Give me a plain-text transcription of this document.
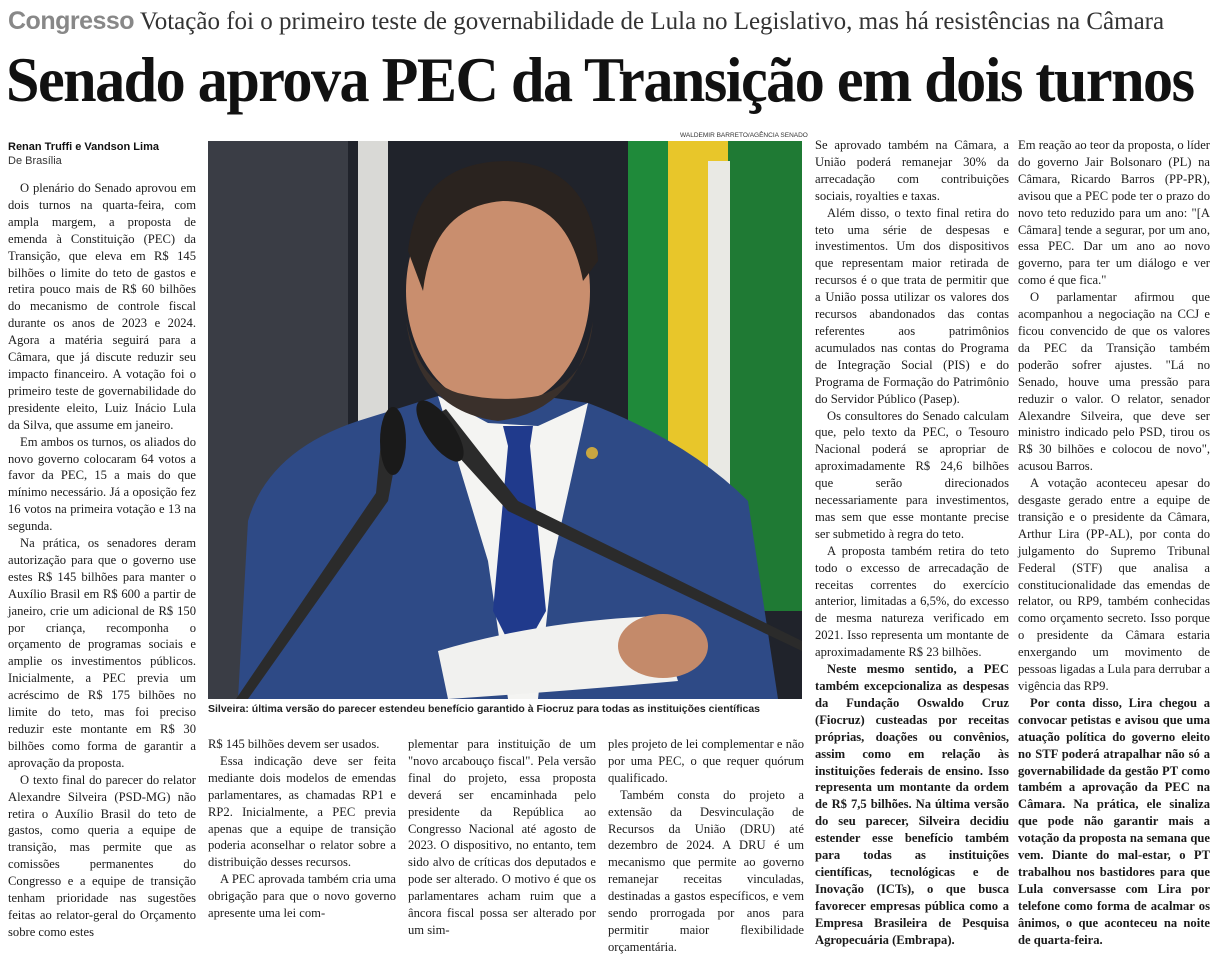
Congresso Votação foi o primeiro teste de governabilidade de Lula no Legislativo, mas há resistências na Câmara
Senado aprova PEC da Transição em dois turnos
Renan Truffi e Vandson Lima
De Brasília
WALDEMIR BARRETO/AGÊNCIA SENADO
Silveira: última versão do parecer estendeu benefício garantido à Fiocruz para todas as instituições científicas

O plenário do Senado aprovou em dois turnos na quarta-feira, com ampla margem, a proposta de emenda à Constituição (PEC) da Transição, que eleva em R$ 145 bilhões o limite do teto de gastos e retira pouco mais de R$ 60 bilhões do mecanismo de controle fiscal durante os anos de 2023 e 2024. Agora a matéria seguirá para a Câmara, que já discute reduzir seu impacto financeiro. A votação foi o primeiro teste de governabilidade do presidente eleito, Luiz Inácio Lula da Silva, que assume em janeiro.

Em ambos os turnos, os aliados do novo governo colocaram 64 votos a favor da PEC, 15 a mais do que mínimo necessário. Já a oposição fez 16 votos na primeira votação e 13 na segunda.

Na prática, os senadores deram autorização para que o governo use estes R$ 145 bilhões para manter o Auxílio Brasil em R$ 600 a partir de janeiro, crie um adicional de R$ 150 por criança, recomponha o orçamento de programas sociais e amplie os investimentos públicos. Inicialmente, a PEC previa um acréscimo de R$ 175 bilhões no limite do teto, mas foi preciso reduzir este montante em R$ 30 bilhões como forma de garantir a aprovação da proposta.

O texto final do parecer do relator Alexandre Silveira (PSD-MG) não retira o Auxílio Brasil do teto de gastos, como queria a equipe de transição, mas permite que as comissões permanentes do Congresso e a equipe de transição tenham prioridade nas sugestões feitas ao relator-geral do Orçamento sobre como estes

R$ 145 bilhões devem ser usados.

Essa indicação deve ser feita mediante dois modelos de emendas parlamentares, as chamadas RP1 e RP2. Inicialmente, a PEC previa apenas que a equipe de transição poderia aconselhar o relator sobre a distribuição desses recursos.

A PEC aprovada também cria uma obrigação para que o novo governo apresente uma lei com-

plementar para instituição de um "novo arcabouço fiscal". Pela versão final do projeto, essa proposta deverá ser encaminhada pelo presidente da República ao Congresso Nacional até agosto de 2023. O dispositivo, no entanto, tem sido alvo de críticas dos deputados e pode ser alterado. O motivo é que os parlamentares acham ruim que a âncora fiscal possa ser alterado por um sim-

ples projeto de lei complementar e não por uma PEC, o que requer quórum qualificado.

Também consta do projeto a extensão da Desvinculação de Recursos da União (DRU) até dezembro de 2024. A DRU é um mecanismo que permite ao governo remanejar receitas vinculadas, destinadas a gastos específicos, e vem sendo prorrogada por anos para permitir maior flexibilidade orçamentária.

Se aprovado também na Câmara, a União poderá remanejar 30% da arrecadação com contribuições sociais, royalties e taxas.

Além disso, o texto final retira do teto uma série de despesas e investimentos. Um dos dispositivos que representam maior retirada de recursos é o que trata de permitir que a União possa utilizar os valores dos recursos abandonados das contas referentes aos patrimônios acumulados nas contas do Programa de Integração Social (PIS) e do Programa de Formação do Patrimônio do Servidor Público (Pasep).

Os consultores do Senado calculam que, pelo texto da PEC, o Tesouro Nacional poderá se apropriar de aproximadamente R$ 24,6 bilhões que serão direcionados necessariamente para investimentos, mas sem que esse montante precise ser submetido à regra do teto.

A proposta também retira do teto todo o excesso de arrecadação de receitas correntes do exercício anterior, limitadas a 6,5%, do excesso de mesma natureza verificado em 2021. Isso representa um montante de aproximadamente R$ 23 bilhões.

Neste mesmo sentido, a PEC também excepcionaliza as despesas da Fundação Oswaldo Cruz (Fiocruz) custeadas por receitas próprias, doações ou convênios, assim como em relação às instituições federais de ensino. Isso representa um montante da ordem de R$ 7,5 bilhões. Na última versão do seu parecer, Silveira decidiu estender esse benefício também para todas as instituições científicas, tecnológicas e de Inovação (ICTs), o que busca favorecer empresas pública como a Empresa Brasileira de Pesquisa Agropecuária (Embrapa).

Em reação ao teor da proposta, o líder do governo Jair Bolsonaro (PL) na Câmara, Ricardo Barros (PP-PR), avisou que a PEC pode ter o prazo do novo teto reduzido para um ano: "[A Câmara] tende a segurar, por um ano, essa PEC. Dar um ano ao novo governo, para ter um diálogo e ver como é que fica."

O parlamentar afirmou que acompanhou a negociação na CCJ e ficou convencido de que os valores da PEC da Transição também poderão sofrer ajustes. "Lá no Senado, houve uma pressão para reduzir o valor. O relator, senador Alexandre Silveira, que deve ser ministro indicado pelo PSD, tirou os R$ 30 bilhões e colocou de novo", acusou Barros.

A votação aconteceu apesar do desgaste gerado entre a equipe de transição e o presidente da Câmara, Arthur Lira (PP-AL), por conta do julgamento do Supremo Tribunal Federal (STF) que analisa a constitucionalidade das emendas de relator, ou RP9, também conhecidas como orçamento secreto. Isso porque o presidente da Câmara estaria enxergando um movimento de pessoas ligadas a Lula para derrubar a vigência das RP9.

Por conta disso, Lira chegou a convocar petistas e avisou que uma atuação política do governo eleito no STF poderá atrapalhar não só a governabilidade da gestão PT como também a aprovação da PEC na Câmara. Na prática, ele sinaliza que pode não garantir mais a votação da proposta na semana que vem. Diante do mal-estar, o PT trabalhou nos bastidores para que Lula conversasse com Lira por telefone como forma de acalmar os ânimos, o que aconteceu na noite de quarta-feira.
